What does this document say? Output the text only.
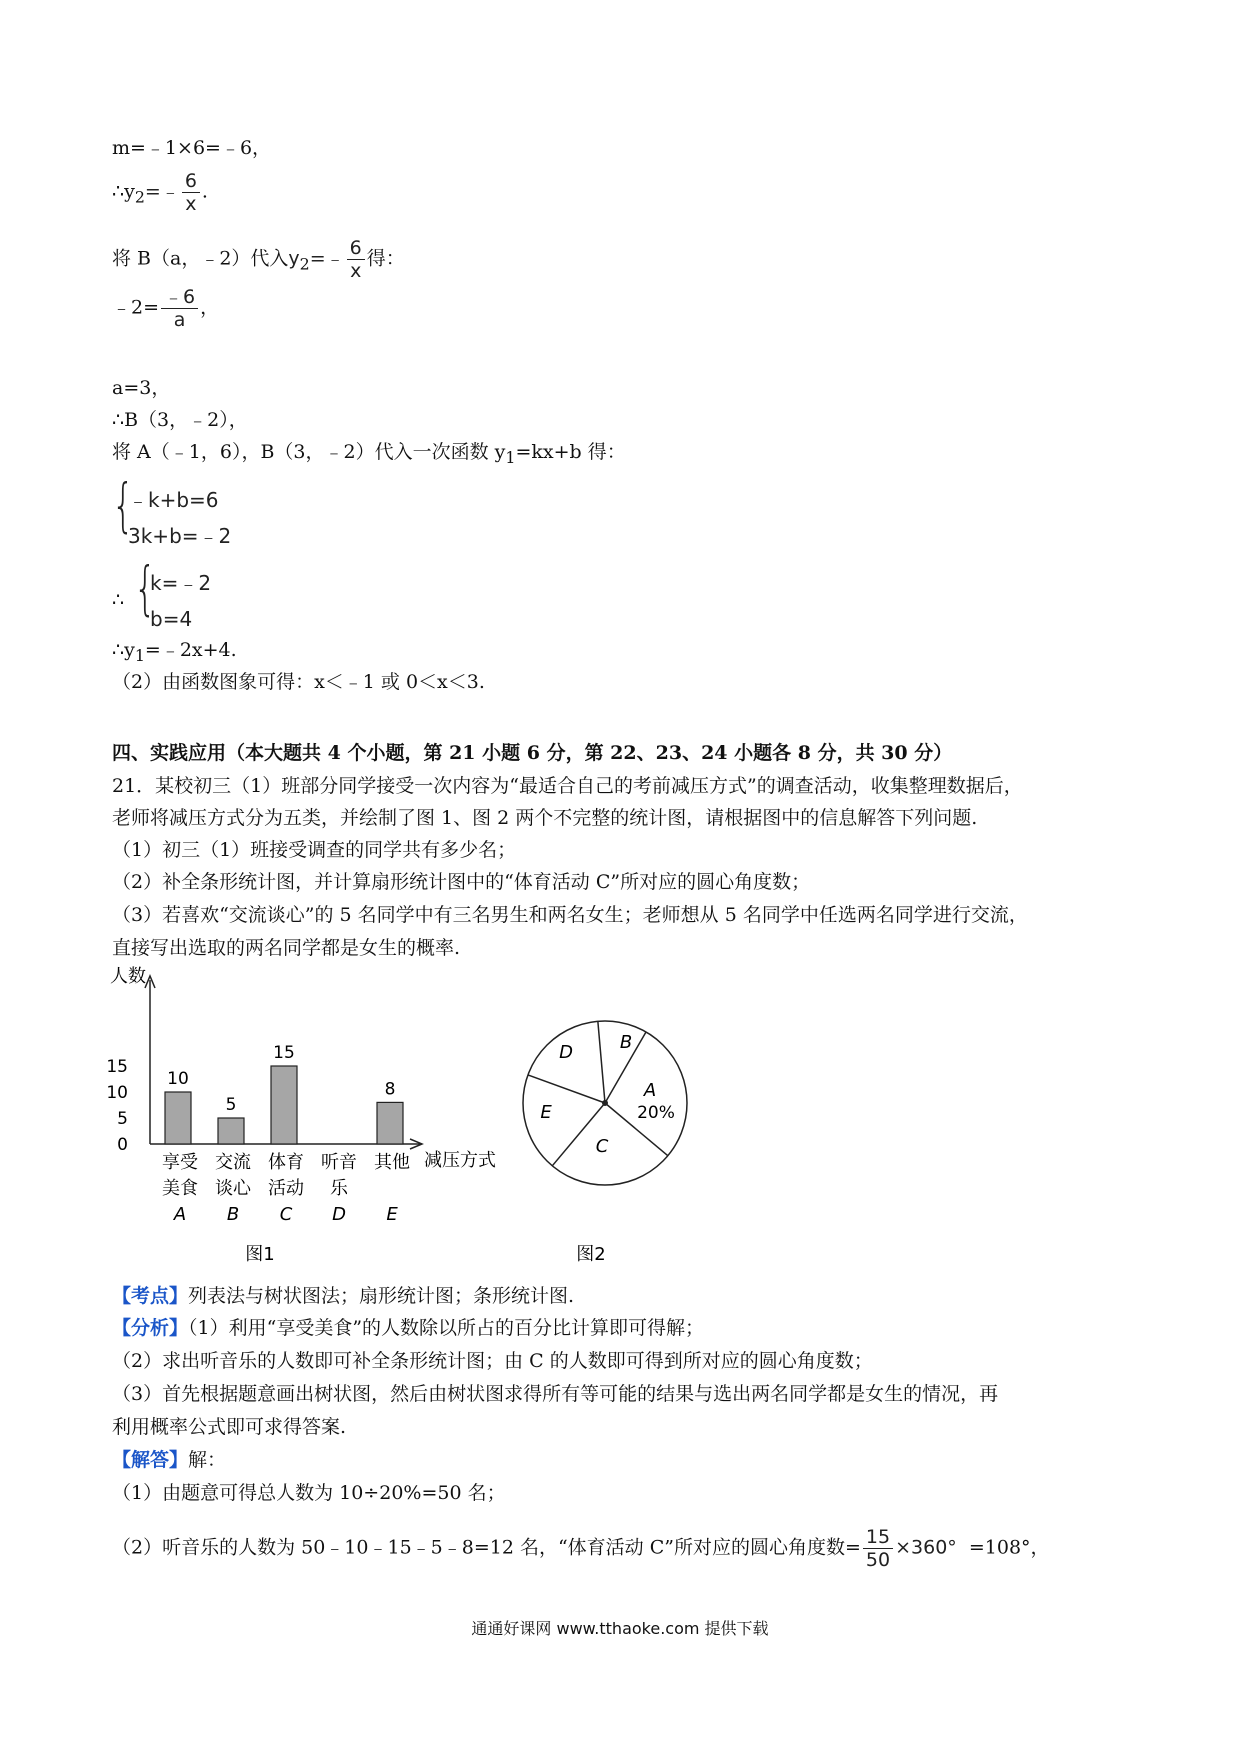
m=﹣1×6=﹣6，
$\therefore y_2=﹣ \frac{6}{x}$ .
将 B（a，﹣2）代入$y_2=﹣ \frac{6}{x}$ 得：
﹣2= $\frac{﹣6}{a}$ ，
a=3，
∴B（3，﹣2），
将 A（﹣1，6），B（3，﹣2）代入一次函数 $y_1=kx+b$ 得：
{
﹣k+b=6
3k+b=﹣2
∴ {
k=﹣2
b=4
$\therefore y_1=﹣2x+4$.
（2）由函数图象可得：x＜﹣1 或 0＜x＜3.
四、实践应用（本大题共 4 个小题，第 21 小题 6 分，第 22、23、24 小题各 8 分，共 30 分）
21．某校初三（1）班部分同学接受一次内容为“最适合自己的考前减压方式”的调查活动，收集整理数据后，
老师将减压方式分为五类，并绘制了图 1、图 2 两个不完整的统计图，请根据图中的信息解答下列问题.
（1）初三（1）班接受调查的同学共有多少名；
（2）补全条形统计图，并计算扇形统计图中的“体育活动 C”所对应的圆心角度数；
（3）若喜欢“交流谈心”的 5 名同学中有三名男生和两名女生；老师想从 5 名同学中任选两名同学进行交流，
直接写出选取的两名同学都是女生的概率.
人数
减压方式
0
5
10
15
10
享受
美食
A
5
交流
谈心
B
15
体育
活动
C
听音
乐
D
8
其他
E
图1
A
20%
B
C
D
E
图2
【考点】列表法与树状图法；扇形统计图；条形统计图.
【分析】（1）利用“享受美食”的人数除以所占的百分比计算即可得解；
（2）求出听音乐的人数即可补全条形统计图；由 C 的人数即可得到所对应的圆心角度数；
（3）首先根据题意画出树状图，然后由树状图求得所有等可能的结果与选出两名同学都是女生的情况，再
利用概率公式即可求得答案.
【解答】解：
（1）由题意可得总人数为 10÷20%=50 名；
（2）听音乐的人数为 50﹣10﹣15﹣5﹣8=12 名，“体育活动 C”所对应的圆心角度数= $\frac{15}{50} \times 360^\circ =108^\circ$，
通通好课网 www.tthaoke.com 提供下载
